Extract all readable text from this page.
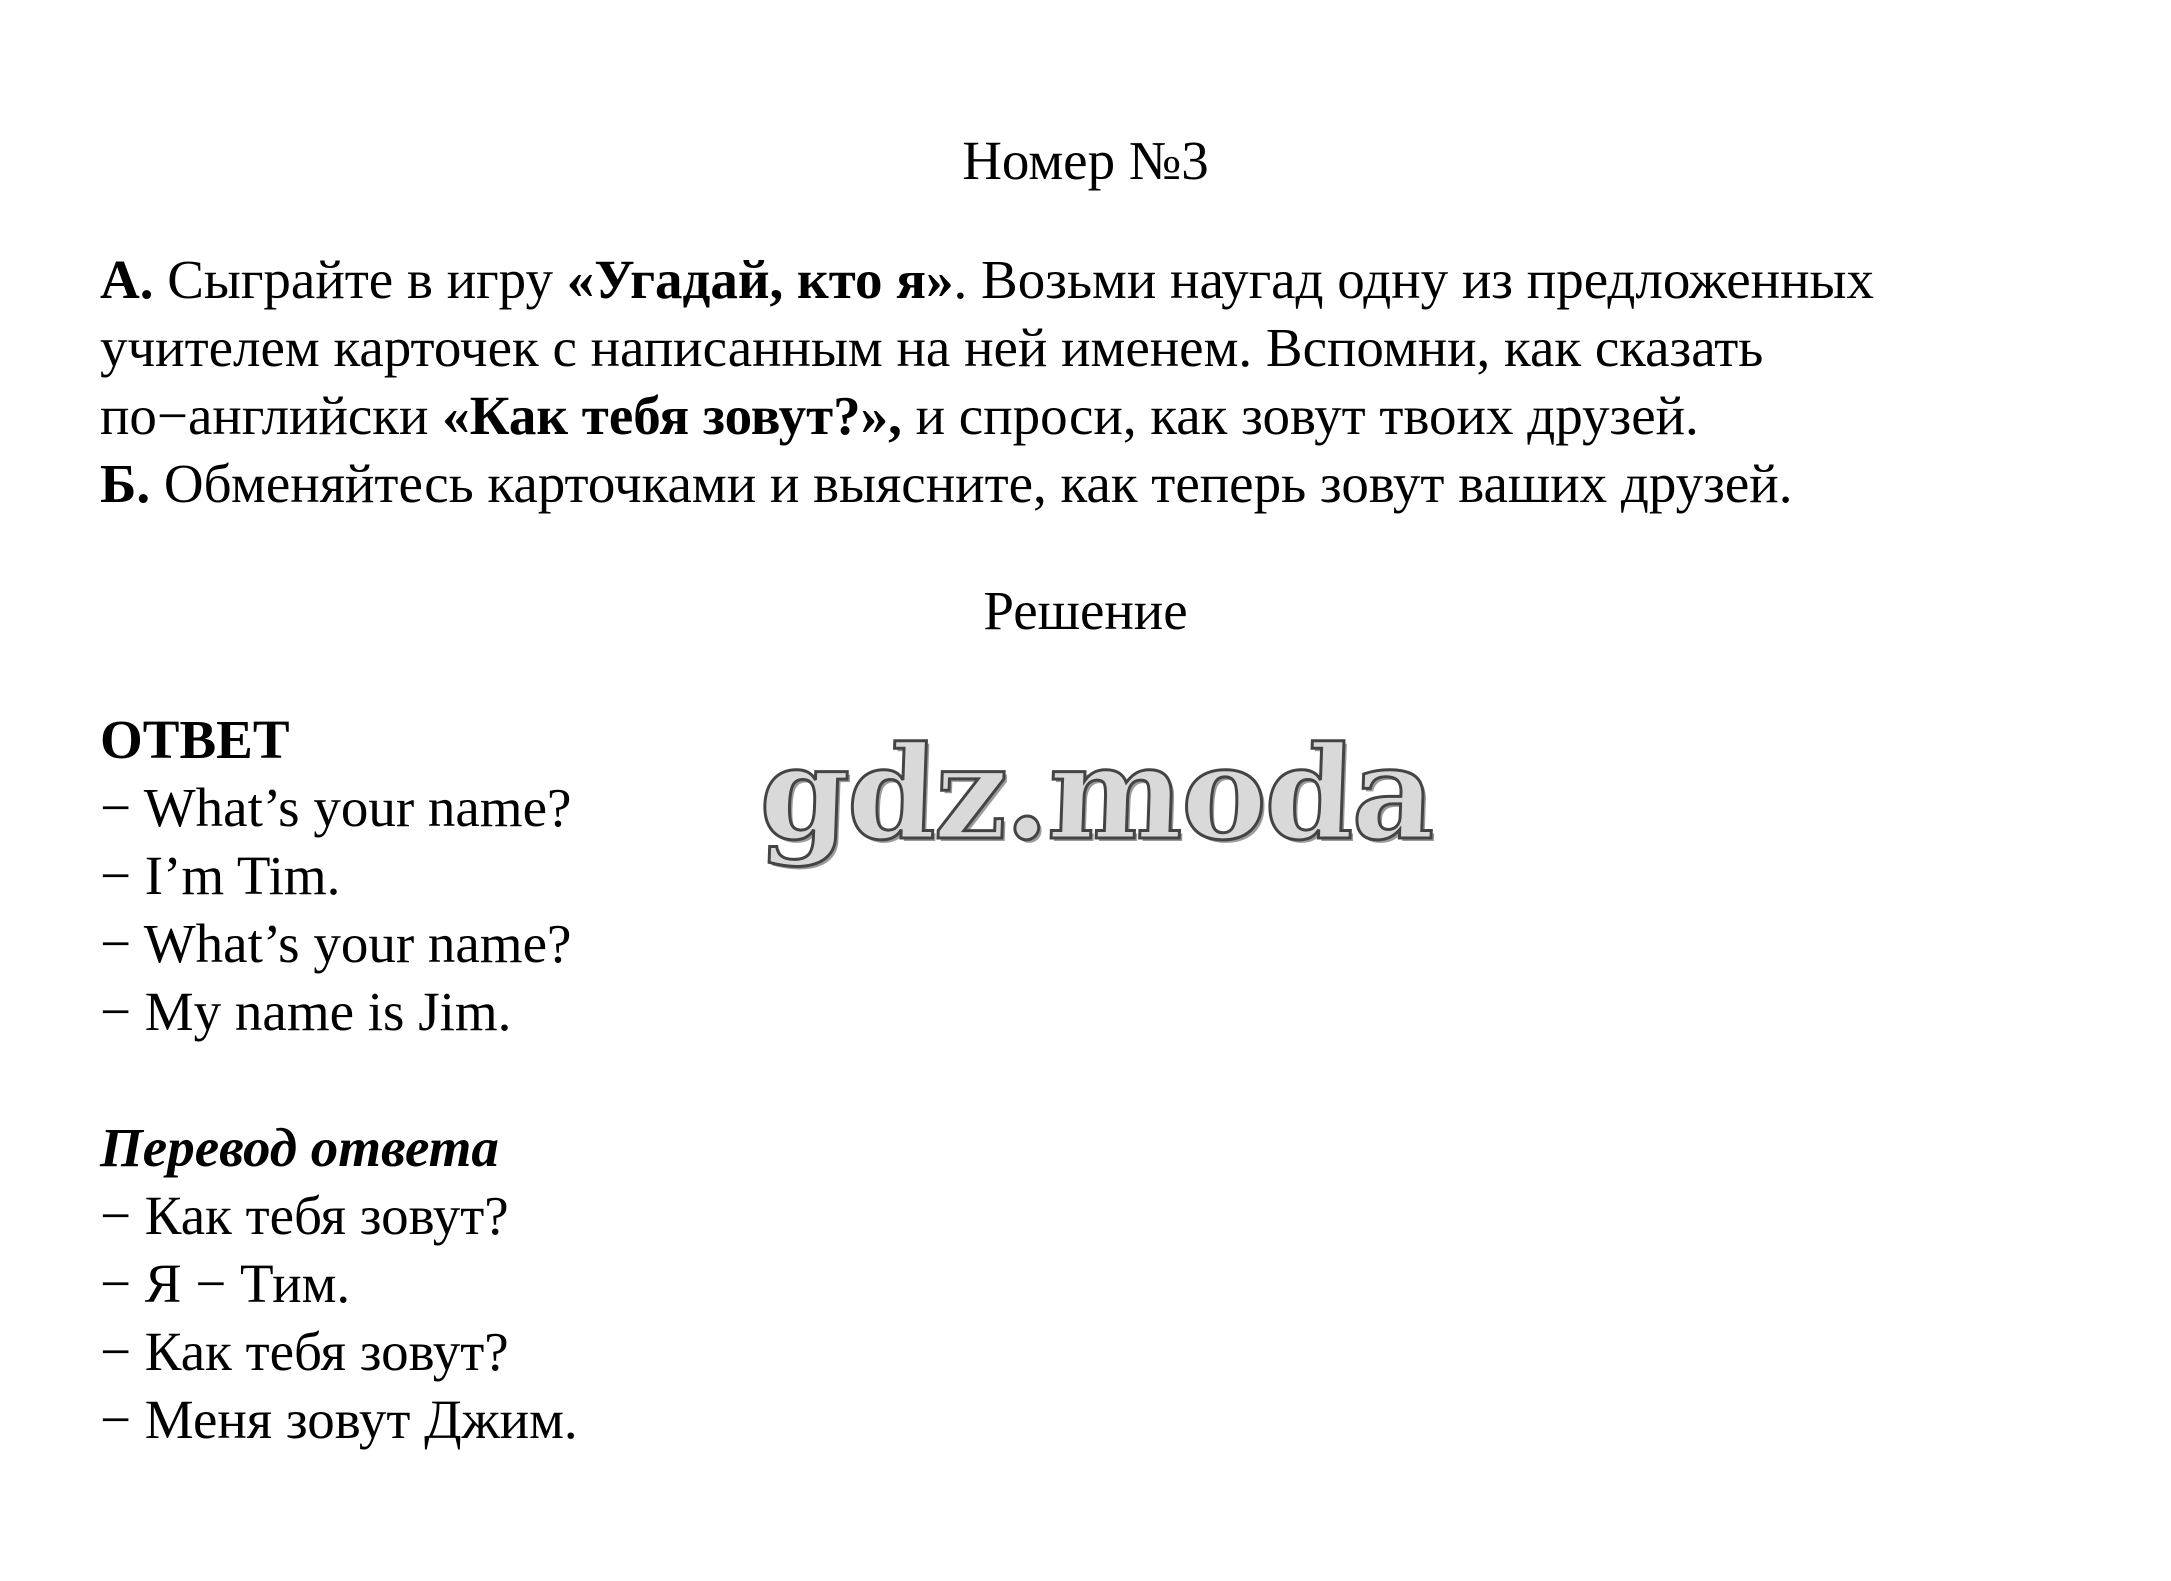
Номер №3
А. Сыграйте в игру «Угадай, кто я». Возьми наугад одну из предложенных
учителем карточек с написанным на ней именем. Вспомни, как сказать
по−английски «Как тебя зовут?», и спроси, как зовут твоих друзей.
Б. Обменяйтесь карточками и выясните, как теперь зовут ваших друзей.
Решение
ОТВЕТ
− What’s your name?
− I’m Tim.
− What’s your name?
− My name is Jim.
Перевод ответа
− Как тебя зовут?
− Я − Тим.
− Как тебя зовут?
− Меня зовут Джим.
gdz.moda
